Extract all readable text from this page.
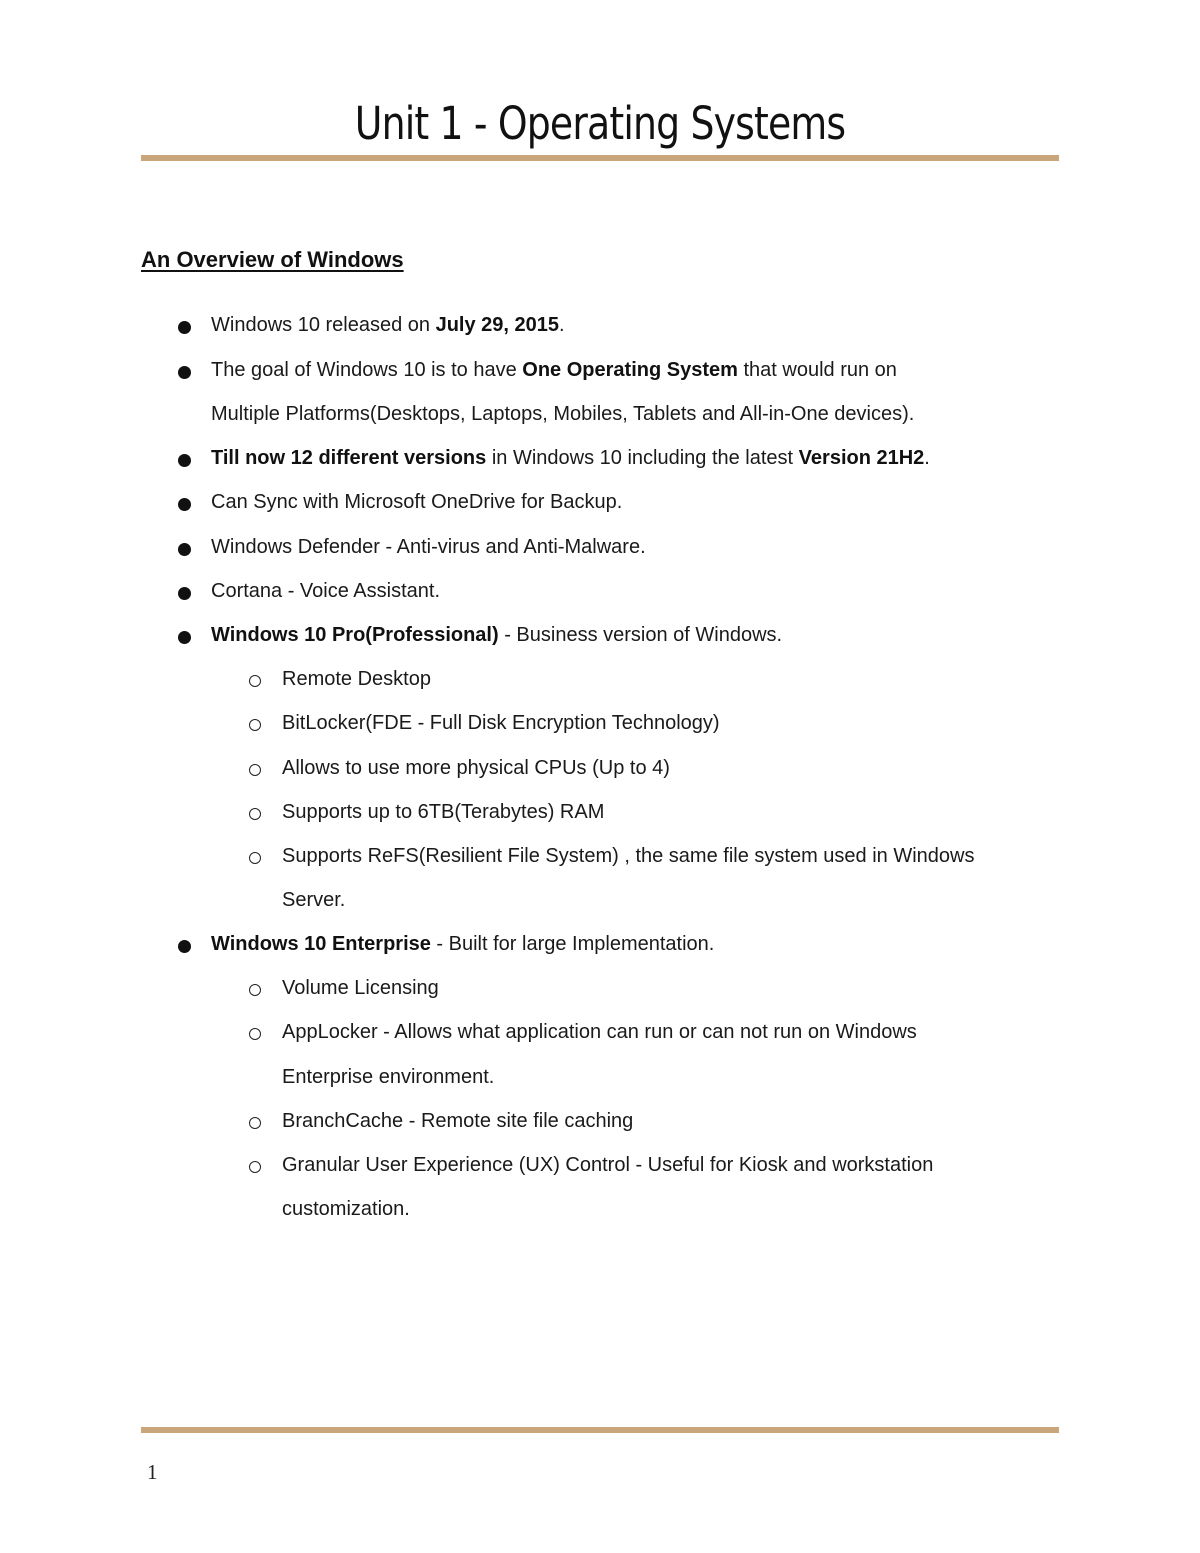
Unit 1 - Operating Systems
An Overview of Windows
Windows 10 released on July 29, 2015.
The goal of Windows 10 is to have One Operating System that would run on
Multiple Platforms(Desktops, Laptops, Mobiles, Tablets and All-in-One devices).
Till now 12 different versions in Windows 10 including the latest Version 21H2.
Can Sync with Microsoft OneDrive for Backup.
Windows Defender - Anti-virus and Anti-Malware.
Cortana - Voice Assistant.
Windows 10 Pro(Professional) - Business version of Windows.
Remote Desktop
BitLocker(FDE - Full Disk Encryption Technology)
Allows to use more physical CPUs (Up to 4)
Supports up to 6TB(Terabytes) RAM
Supports ReFS(Resilient File System) , the same file system used in Windows
Server.
Windows 10 Enterprise - Built for large Implementation.
Volume Licensing
AppLocker - Allows what application can run or can not run on Windows
Enterprise environment.
BranchCache - Remote site file caching
Granular User Experience (UX) Control - Useful for Kiosk and workstation
customization.
1
